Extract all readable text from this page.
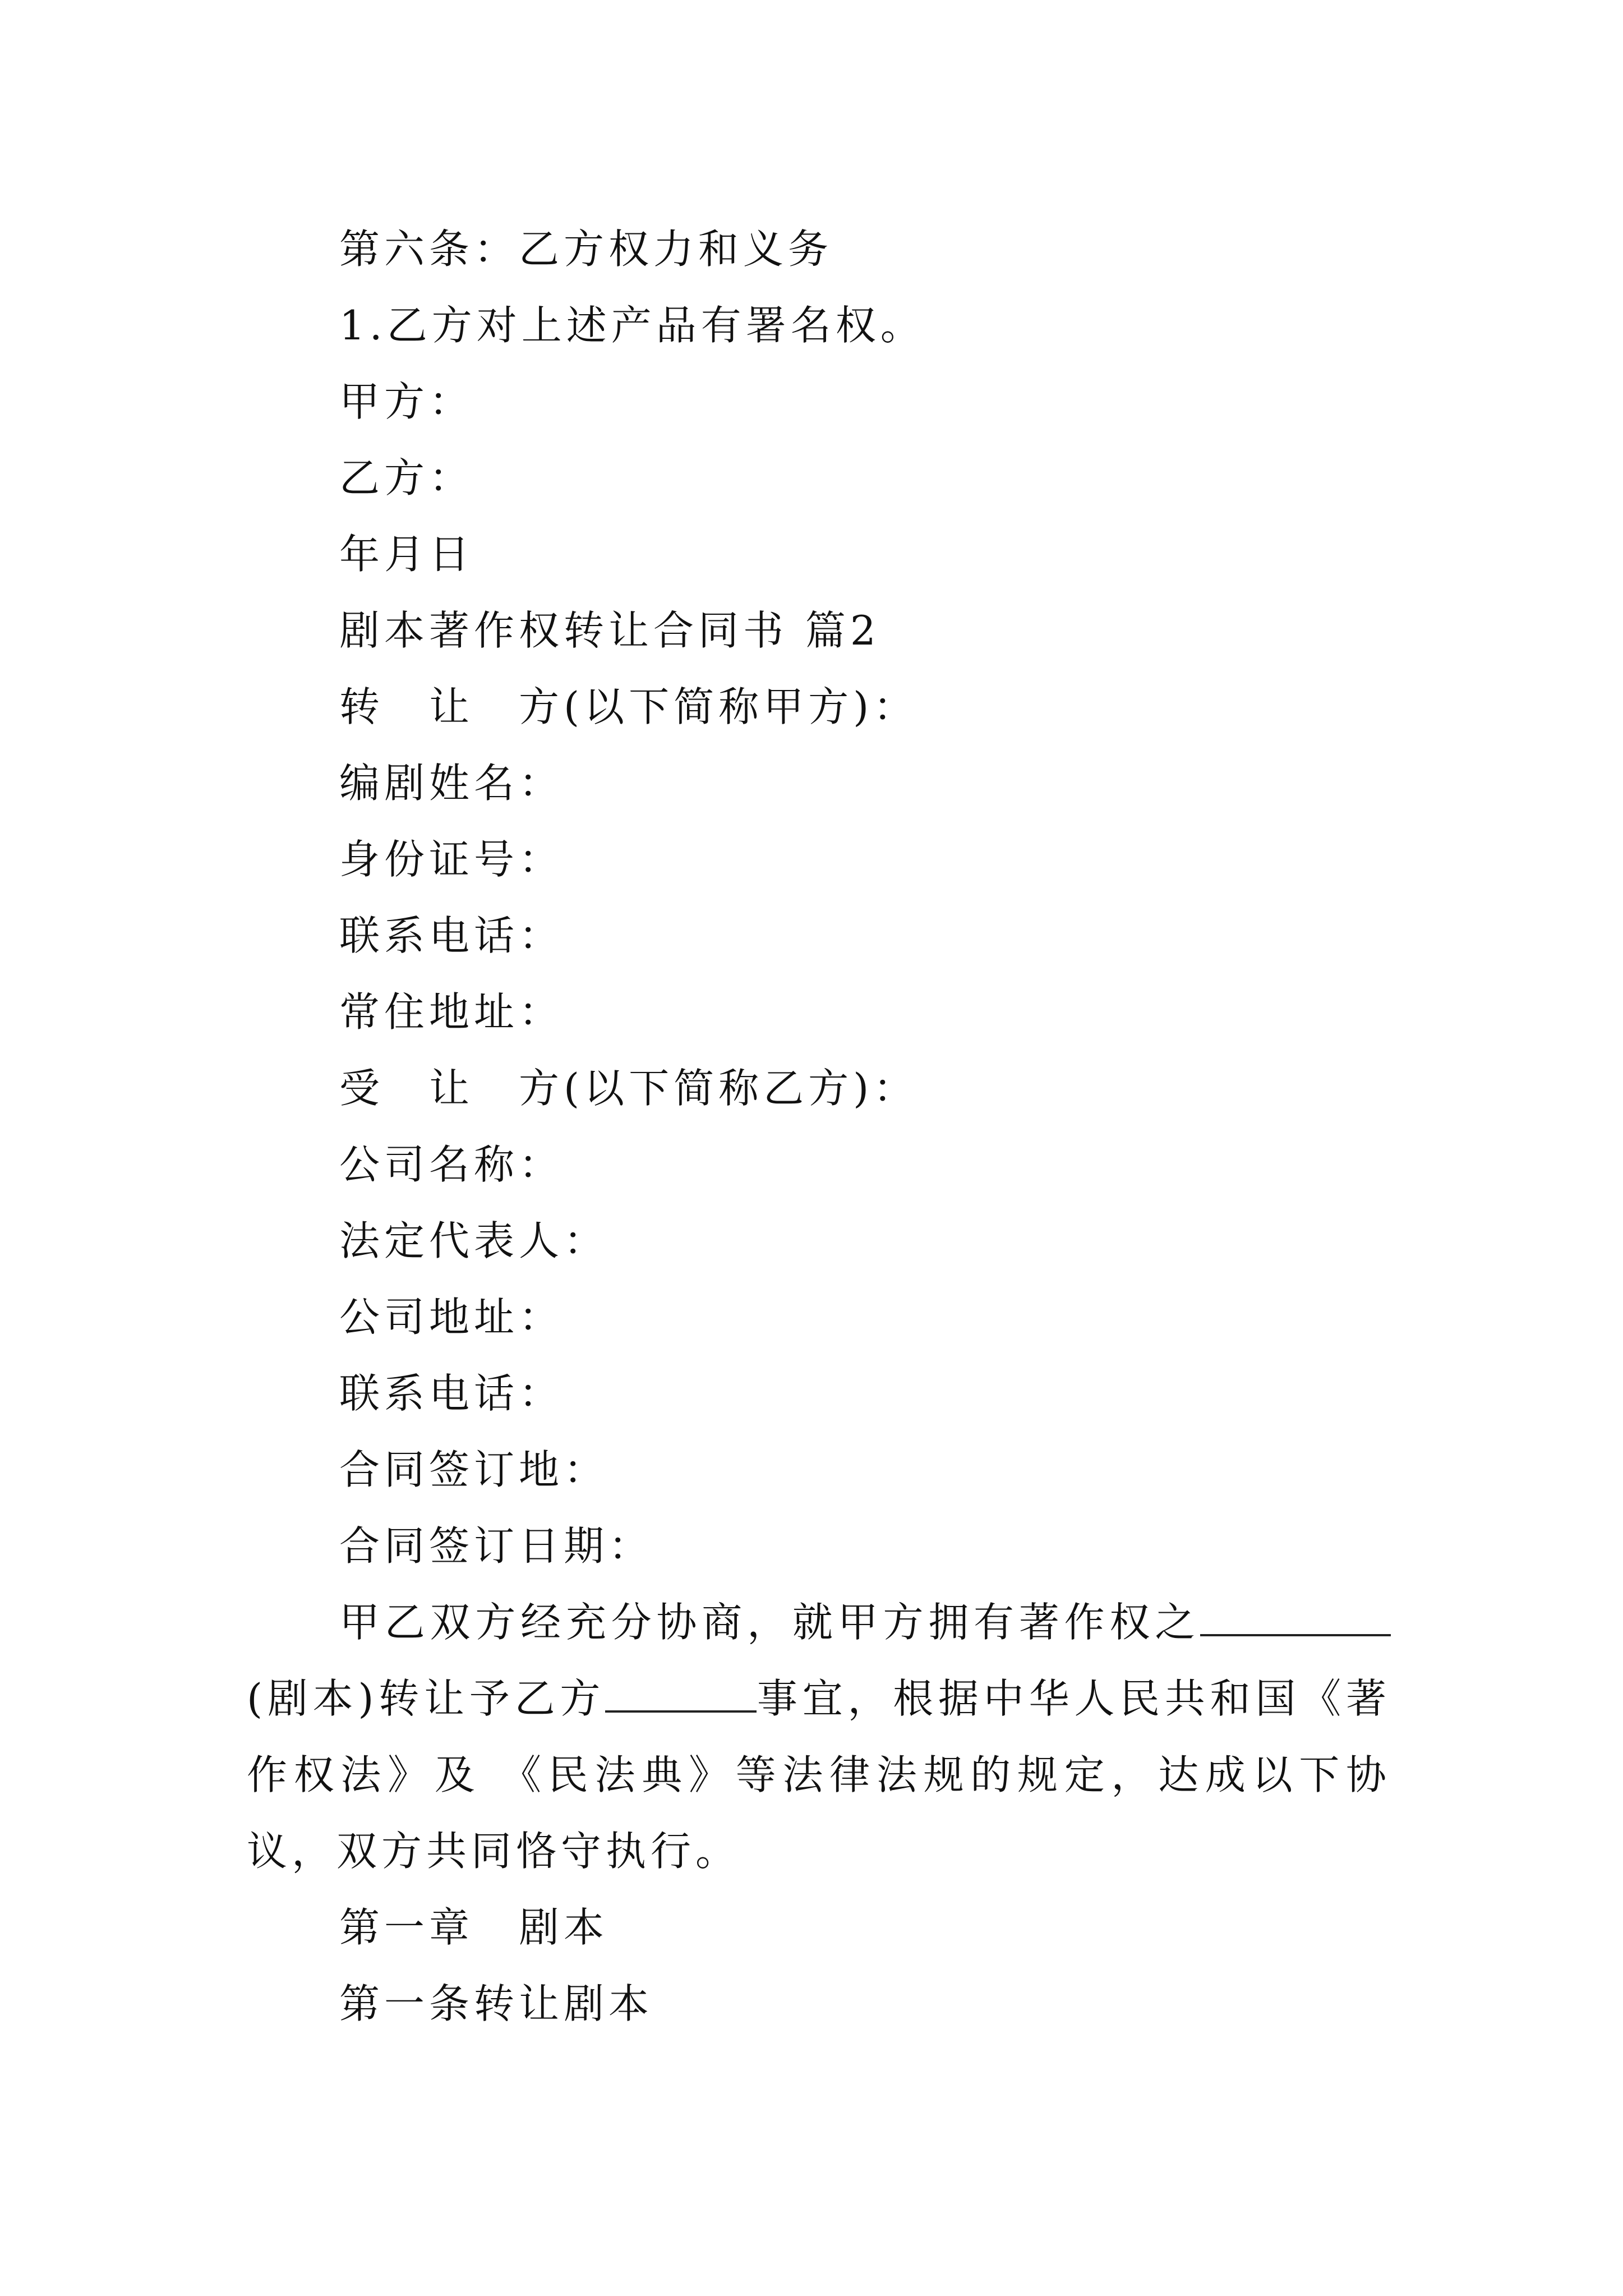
第六条：乙方权力和义务
1.乙方对上述产品有署名权。
甲方：
乙方：
年月日
剧本著作权转让合同书 篇2
转　让　方(以下简称甲方)：
编剧姓名：
身份证号：
联系电话：
常住地址：
受　让　方(以下简称乙方)：
公司名称：
法定代表人：
公司地址：
联系电话：
合同签订地：
合同签订日期：

甲乙双方经充分协商，就甲方拥有著作权之(剧本)转让予乙方	事宜，根据中华人民共和国《著作权法》及 《民法典》等法律法规的规定，达成以下协议，双方共同恪守执行。

第一章　剧本
第一条转让剧本
